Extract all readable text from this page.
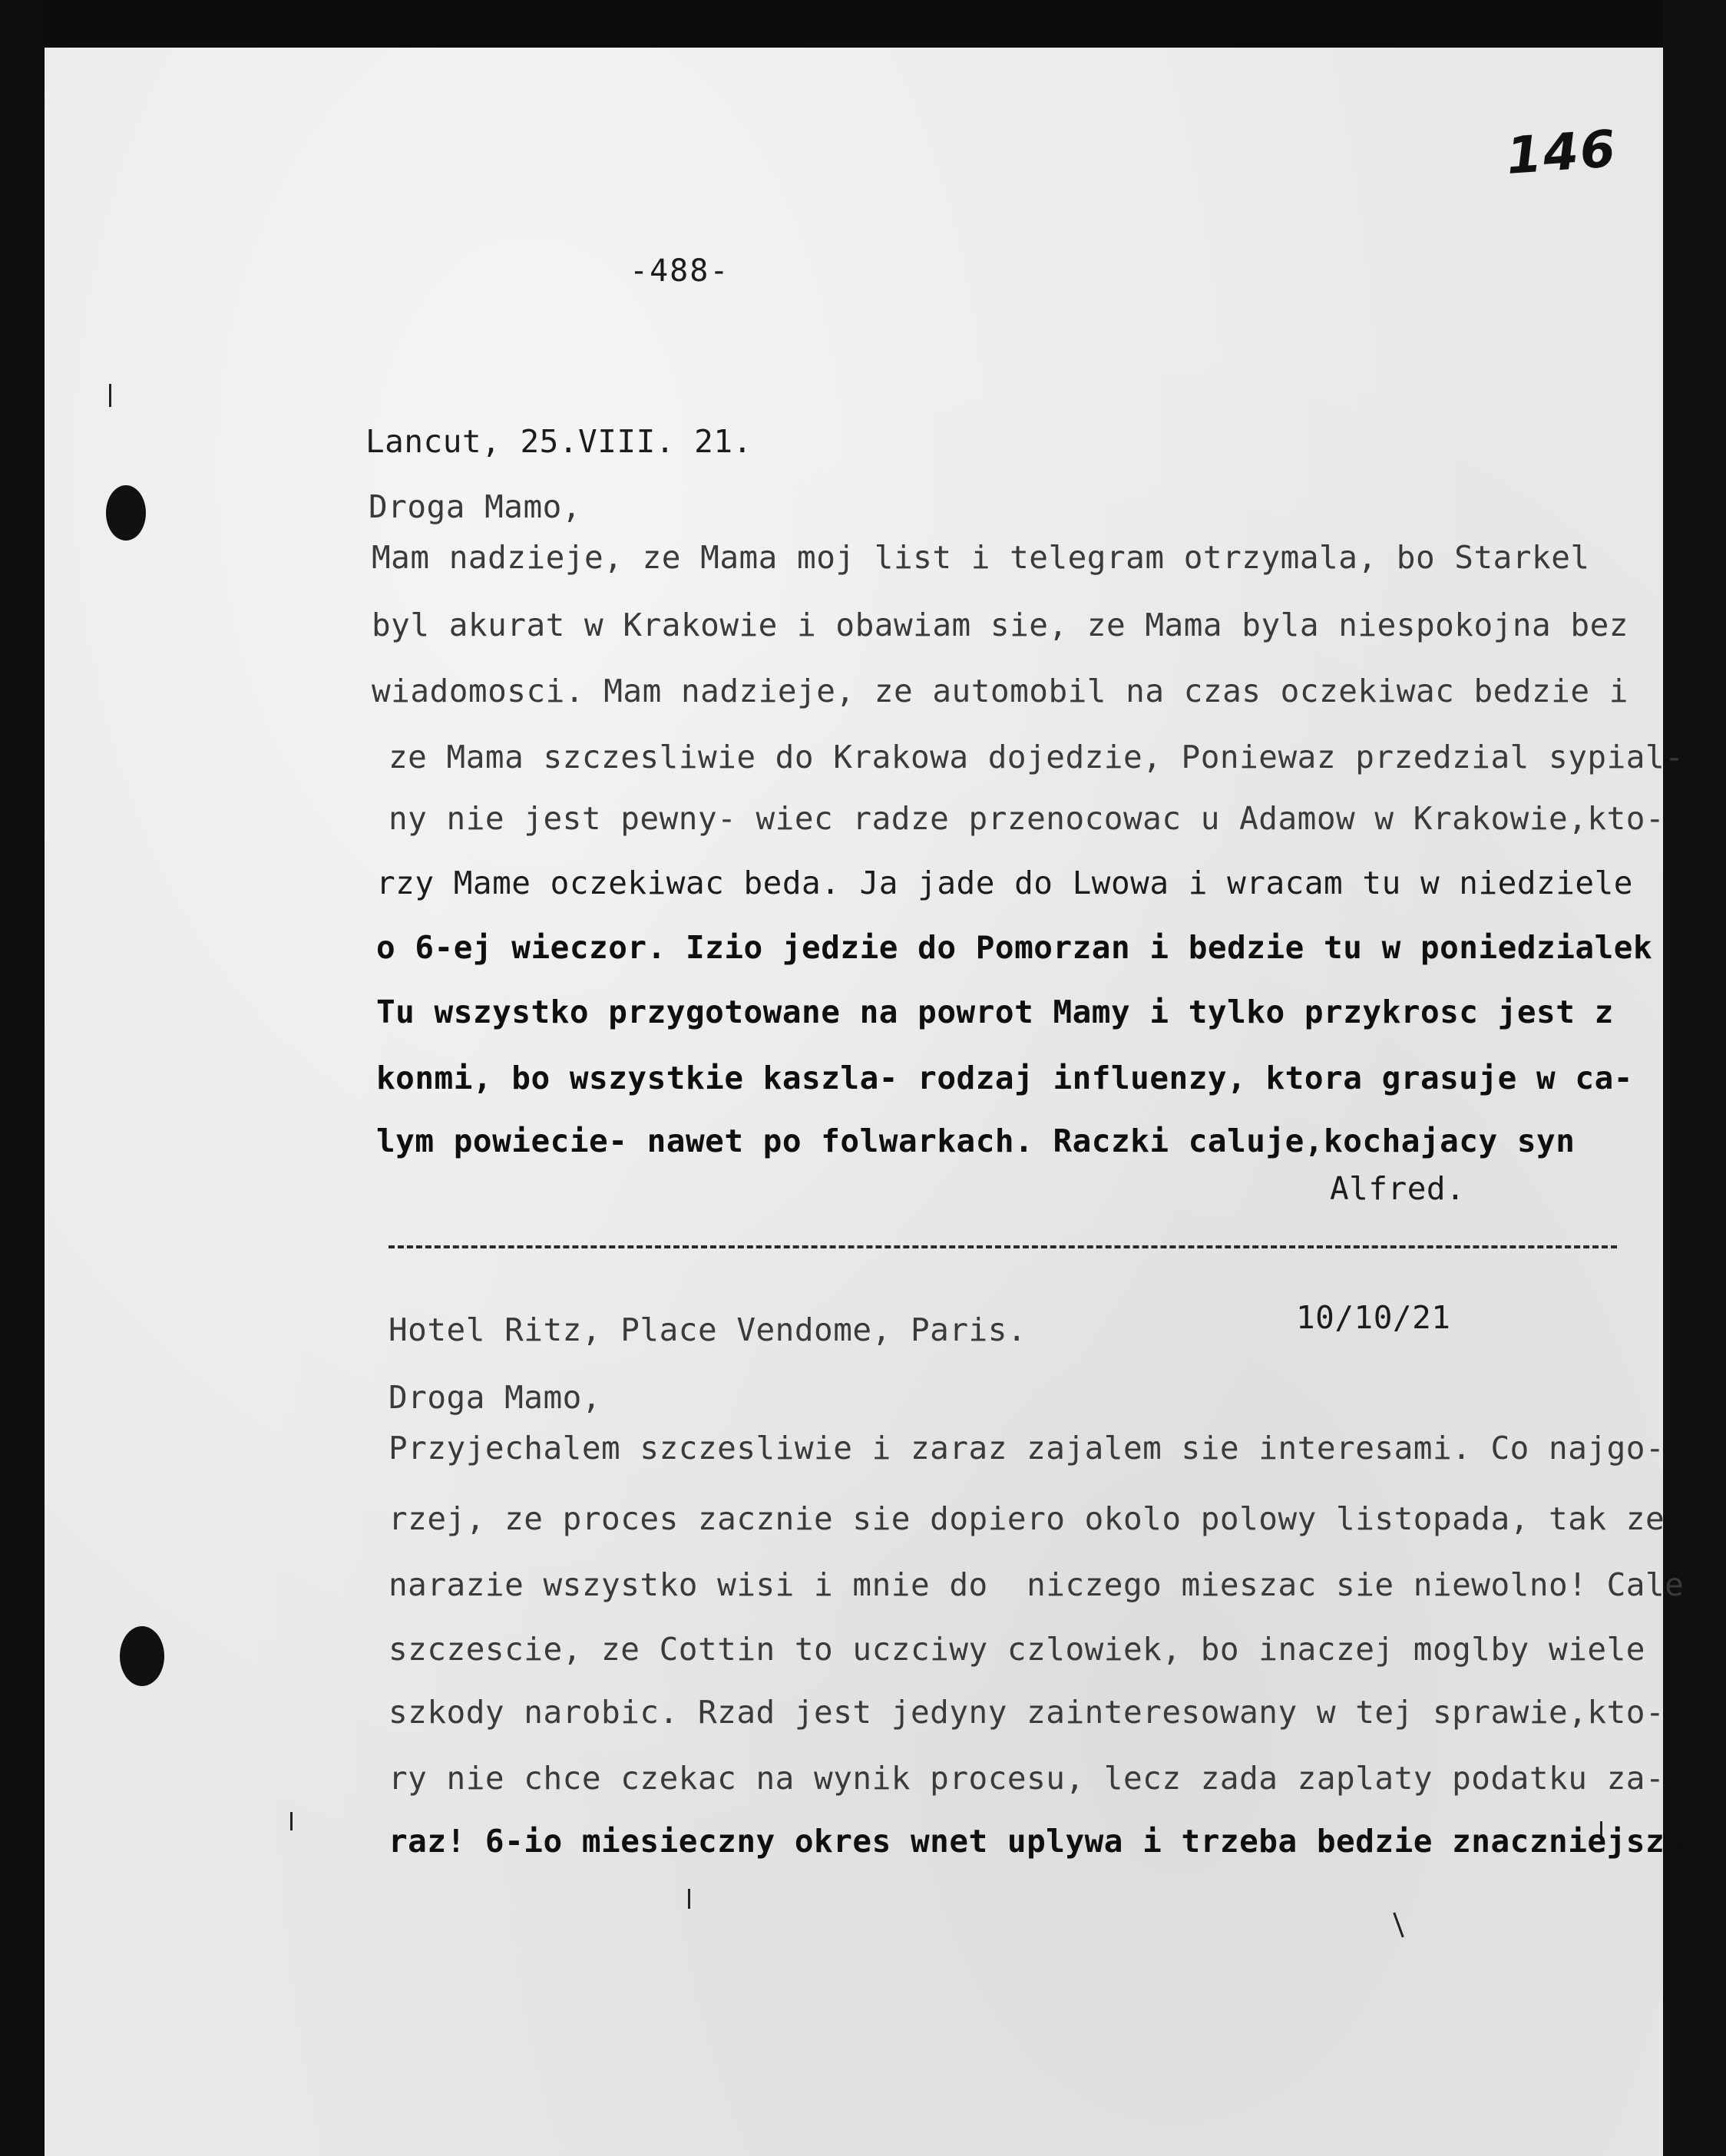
146
-488-
Lancut, 25.VIII. 21.
Droga Mamo,
Mam nadzieje, ze Mama moj list i telegram otrzymala, bo Starkel
byl akurat w Krakowie i obawiam sie, ze Mama byla niespokojna bez
wiadomosci. Mam nadzieje, ze automobil na czas oczekiwac bedzie i
ze Mama szczesliwie do Krakowa dojedzie, Poniewaz przedzial sypial-
ny nie jest pewny- wiec radze przenocowac u Adamow w Krakowie,kto-
rzy Mame oczekiwac beda. Ja jade do Lwowa i wracam tu w niedziele
o 6-ej wieczor. Izio jedzie do Pomorzan i bedzie tu w poniedzialek
Tu wszystko przygotowane na powrot Mamy i tylko przykrosc jest z
konmi, bo wszystkie kaszla- rodzaj influenzy, ktora grasuje w ca-
lym powiecie- nawet po folwarkach. Raczki caluje,kochajacy syn
Alfred.
Hotel Ritz, Place Vendome, Paris.	10/10/21
Droga Mamo,
Przyjechalem szczesliwie i zaraz zajalem sie interesami. Co najgo-
rzej, ze proces zacznie sie dopiero okolo polowy listopada, tak ze
narazie wszystko wisi i mnie do  niczego mieszac sie niewolno! Cale
szczescie, ze Cottin to uczciwy czlowiek, bo inaczej moglby wiele
szkody narobic. Rzad jest jedyny zainteresowany w tej sprawie,kto-
ry nie chce czekac na wynik procesu, lecz zada zaplaty podatku za-
raz! 6-io miesieczny okres wnet uplywa i trzeba bedzie znaczniejsza
